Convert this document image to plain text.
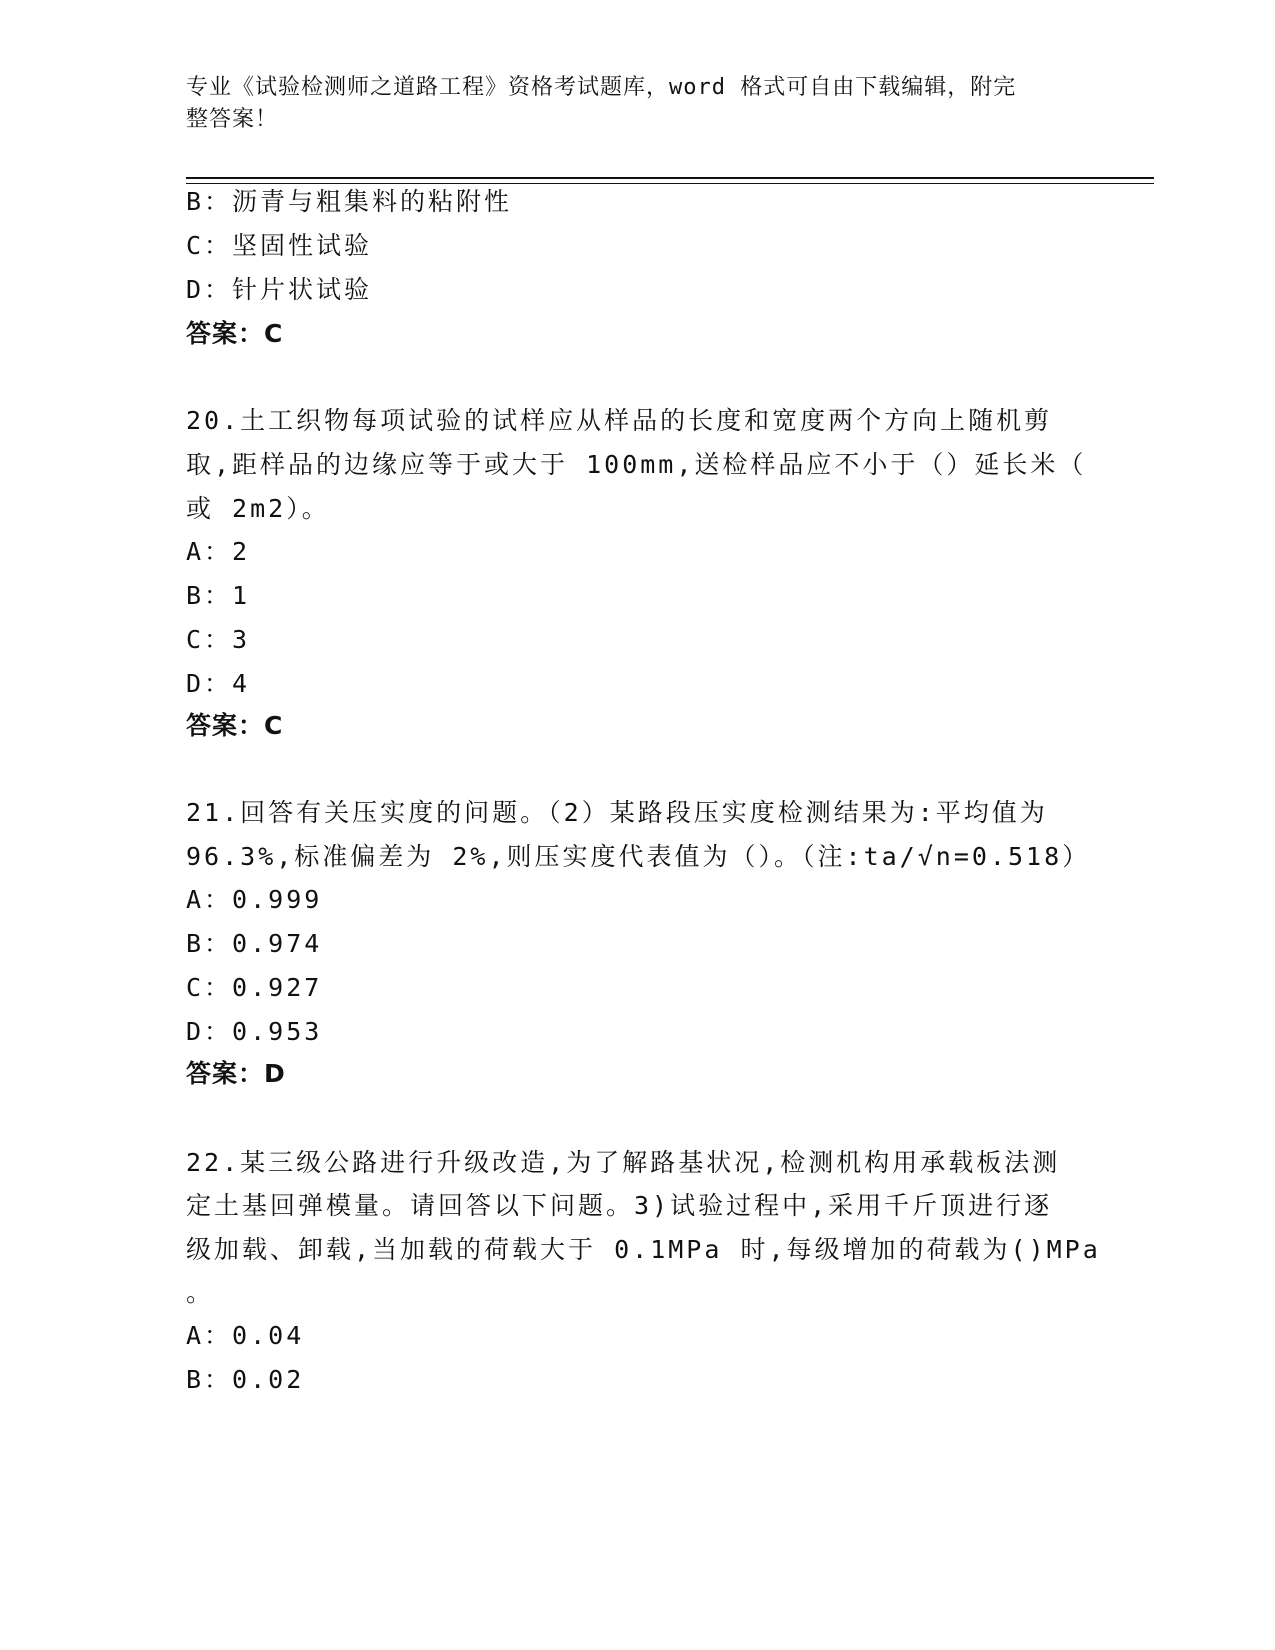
专业《试验检测师之道路工程》资格考试题库，word 格式可自由下载编辑，附完
整答案！
B：沥青与粗集料的粘附性
C：坚固性试验
D：针片状试验
答案：C
20.土工织物每项试验的试样应从样品的长度和宽度两个方向上随机剪
取,距样品的边缘应等于或大于 100mm,送检样品应不小于（）延长米（
或 2m2）。
A：2
B：1
C：3
D：4
答案：C
21.回答有关压实度的问题。（2）某路段压实度检测结果为:平均值为
96.3%,标准偏差为 2%,则压实度代表值为（）。（注:ta/√n=0.518）
A：0.999
B：0.974
C：0.927
D：0.953
答案：D
22.某三级公路进行升级改造,为了解路基状况,检测机构用承载板法测
定土基回弹模量。请回答以下问题。3)试验过程中,采用千斤顶进行逐
级加载、卸载,当加载的荷载大于 0.1MPa 时,每级增加的荷载为()MPa
。
A：0.04
B：0.02
